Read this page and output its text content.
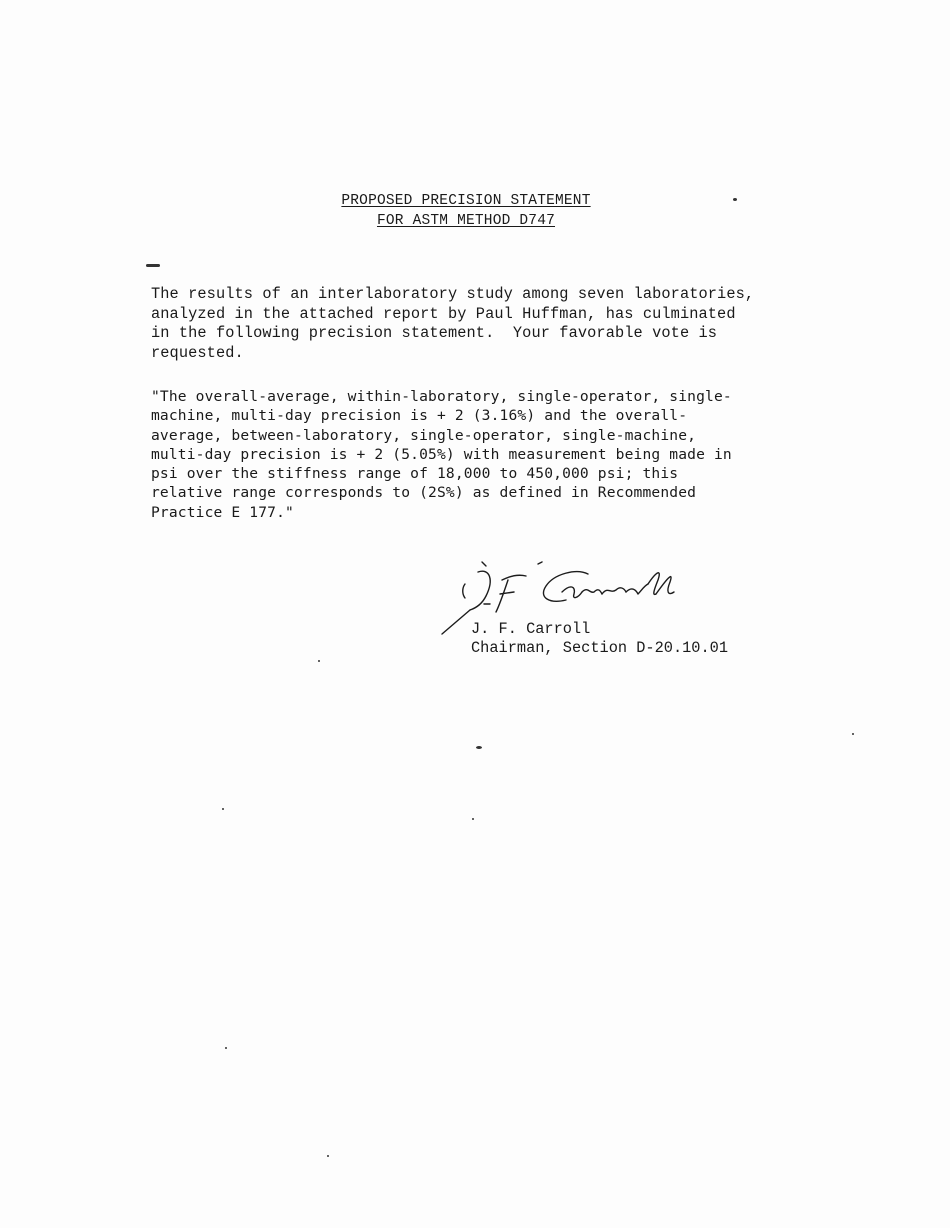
PROPOSED PRECISION STATEMENT
FOR ASTM METHOD D747
The results of an interlaboratory study among seven laboratories,
analyzed in the attached report by Paul Huffman, has culminated
in the following precision statement.  Your favorable vote is
requested.
"The overall-average, within-laboratory, single-operator, single-
machine, multi-day precision is + 2 (3.16%) and the overall-
average, between-laboratory, single-operator, single-machine,
multi-day precision is + 2 (5.05%) with measurement being made in
psi over the stiffness range of 18,000 to 450,000 psi; this
relative range corresponds to (2S%) as defined in Recommended
Practice E 177."
J. F. Carroll
Chairman, Section D-20.10.01
